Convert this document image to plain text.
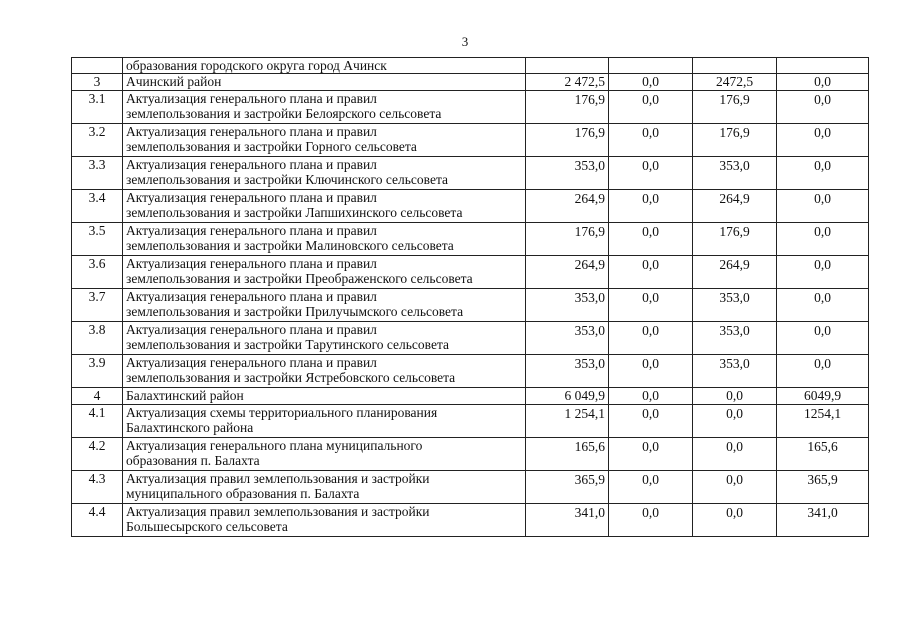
3

	образования городского округа город Ачинск				

3	Ачинский район	2 472,5	0,0	2472,5	0,0
3.1	Актуализация генерального плана и правил
землепользования и застройки Белоярского сельсовета	176,9	0,0	176,9	0,0
3.2	Актуализация генерального плана и правил
землепользования и застройки Горного сельсовета	176,9	0,0	176,9	0,0
3.3	Актуализация генерального плана и правил
землепользования и застройки Ключинского сельсовета	353,0	0,0	353,0	0,0
3.4	Актуализация генерального плана и правил
землепользования и застройки Лапшихинского сельсовета	264,9	0,0	264,9	0,0
3.5	Актуализация генерального плана и правил
землепользования и застройки Малиновского сельсовета	176,9	0,0	176,9	0,0
3.6	Актуализация генерального плана и правил
землепользования и застройки Преображенского сельсовета	264,9	0,0	264,9	0,0
3.7	Актуализация генерального плана и правил
землепользования и застройки Прилучымского сельсовета	353,0	0,0	353,0	0,0
3.8	Актуализация генерального плана и правил
землепользования и застройки Тарутинского сельсовета	353,0	0,0	353,0	0,0
3.9	Актуализация генерального плана и правил
землепользования и застройки Ястребовского сельсовета	353,0	0,0	353,0	0,0
4	Балахтинский район	6 049,9	0,0	0,0	6049,9
4.1	Актуализация схемы территориального планирования
Балахтинского района	1 254,1	0,0	0,0	1254,1
4.2	Актуализация генерального плана муниципального
образования п. Балахта	165,6	0,0	0,0	165,6
4.3	Актуализация правил землепользования и застройки
муниципального образования п. Балахта	365,9	0,0	0,0	365,9
4.4	Актуализация правил землепользования и застройки
Большесырского сельсовета	341,0	0,0	0,0	341,0
